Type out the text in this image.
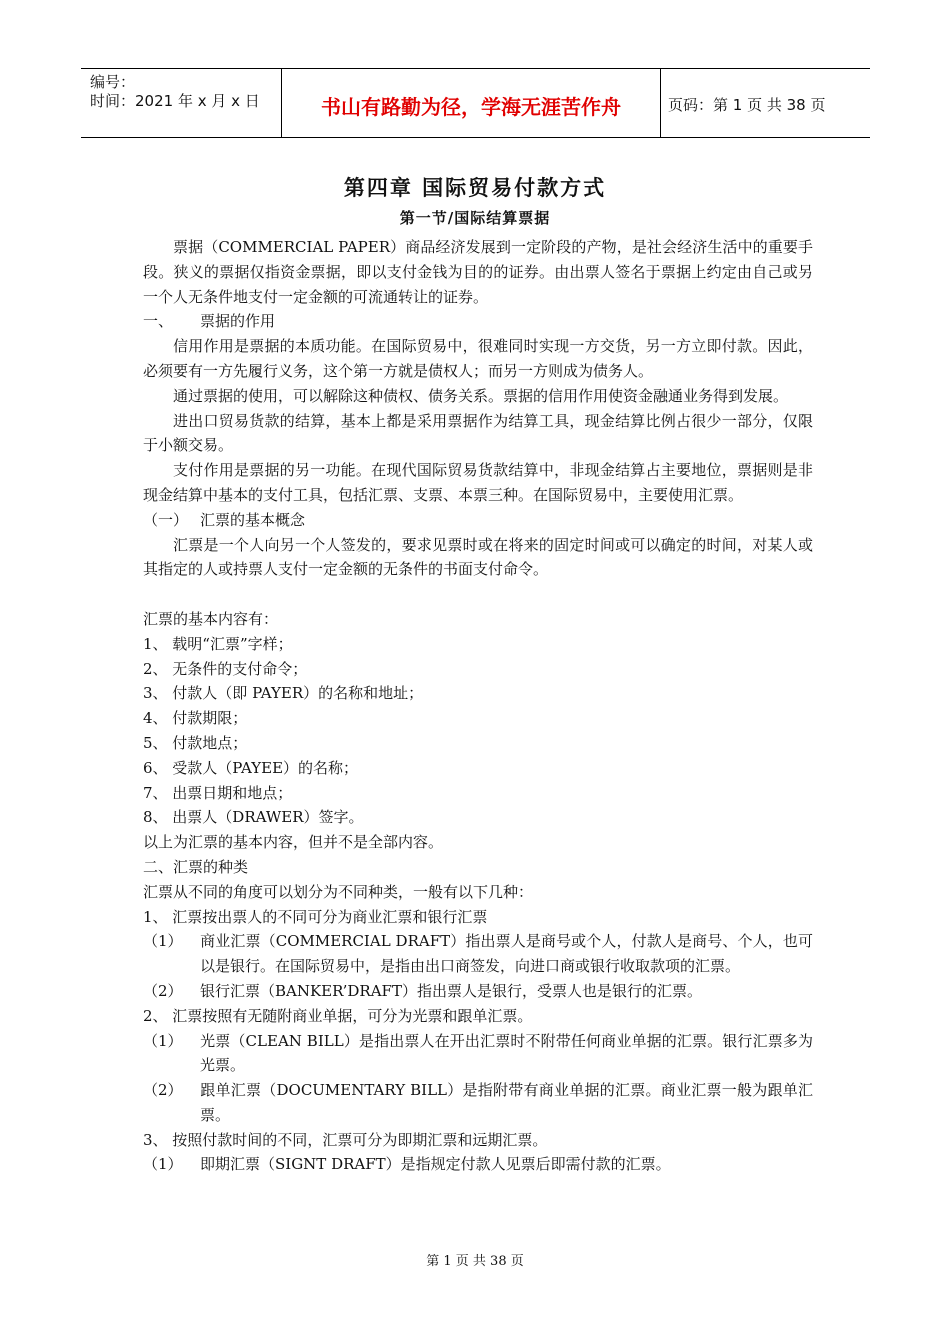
编号：
时间：2021 年 x 月 x 日	书山有路勤为径，学海无涯苦作舟	页码：第 1 页 共 38 页
第四章 国际贸易付款方式
第一节/国际结算票据

票据（COMMERCIAL PAPER）商品经济发展到一定阶段的产物，是社会经济生活中的重要手段。狭义的票据仅指资金票据，即以支付金钱为目的的证券。由出票人签名于票据上约定由自己或另一个人无条件地支付一定金额的可流通转让的证券。

一、 票据的作用

信用作用是票据的本质功能。在国际贸易中，很难同时实现一方交货，另一方立即付款。因此，必须要有一方先履行义务，这个第一方就是债权人；而另一方则成为债务人。

通过票据的使用，可以解除这种债权、债务关系。票据的信用作用使资金融通业务得到发展。

进出口贸易货款的结算，基本上都是采用票据作为结算工具，现金结算比例占很少一部分，仅限于小额交易。

支付作用是票据的另一功能。在现代国际贸易货款结算中，非现金结算占主要地位，票据则是非现金结算中基本的支付工具，包括汇票、支票、本票三种。在国际贸易中，主要使用汇票。

（一） 汇票的基本概念

汇票是一个人向另一个人签发的，要求见票时或在将来的固定时间或可以确定的时间，对某人或其指定的人或持票人支付一定金额的无条件的书面支付命令。

汇票的基本内容有：

1、 载明“汇票”字样；

2、 无条件的支付命令；

3、 付款人（即 PAYER）的名称和地址；

4、 付款期限；

5、 付款地点；

6、 受款人（PAYEE）的名称；

7、 出票日期和地点；

8、 出票人（DRAWER）签字。

以上为汇票的基本内容，但并不是全部内容。

二、汇票的种类

汇票从不同的角度可以划分为不同种类，一般有以下几种：

1、 汇票按出票人的不同可分为商业汇票和银行汇票

（1） 商业汇票（COMMERCIAL DRAFT）指出票人是商号或个人，付款人是商号、个人，也可以是银行。在国际贸易中，是指由出口商签发，向进口商或银行收取款项的汇票。

（2） 银行汇票（BANKER’DRAFT）指出票人是银行，受票人也是银行的汇票。

2、 汇票按照有无随附商业单据，可分为光票和跟单汇票。

（1） 光票（CLEAN BILL）是指出票人在开出汇票时不附带任何商业单据的汇票。银行汇票多为光票。

（2） 跟单汇票（DOCUMENTARY BILL）是指附带有商业单据的汇票。商业汇票一般为跟单汇票。

3、 按照付款时间的不同，汇票可分为即期汇票和远期汇票。

（1） 即期汇票（SIGNT DRAFT）是指规定付款人见票后即需付款的汇票。

第 1 页 共 38 页
